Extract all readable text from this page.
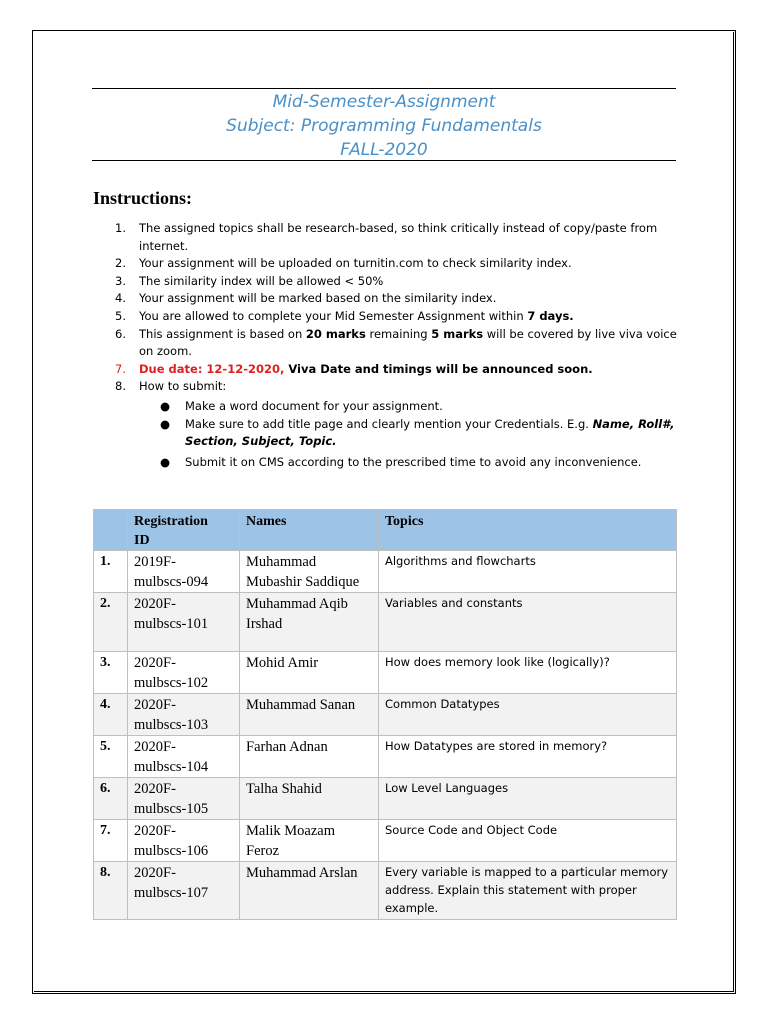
Mid-Semester-Assignment
Subject: Programming Fundamentals
FALL-2020
Instructions:
1. The assigned topics shall be research-based, so think critically instead of copy/paste from
internet.
2. Your assignment will be uploaded on turnitin.com to check similarity index.
3. The similarity index will be allowed < 50%
4. Your assignment will be marked based on the similarity index.
5. You are allowed to complete your Mid Semester Assignment within 7 days.
6. This assignment is based on 20 marks remaining 5 marks will be covered by live viva voice
on zoom.
7. Due date: 12-12-2020, Viva Date and timings will be announced soon.
8. How to submit:
● Make a word document for your assignment.
● Make sure to add title page and clearly mention your Credentials. E.g. Name, Roll#,
Section, Subject, Topic.
● Submit it on CMS according to the prescribed time to avoid any inconvenience.
	Registration
ID	Names	Topics
1.	2019F-
mulbscs-094	Muhammad
Mubashir Saddique	Algorithms and flowcharts
2.	2020F-
mulbscs-101	Muhammad Aqib
Irshad	Variables and constants
3.	2020F-
mulbscs-102	Mohid Amir	How does memory look like (logically)?
4.	2020F-
mulbscs-103	Muhammad Sanan	Common Datatypes
5.	2020F-
mulbscs-104	Farhan Adnan	How Datatypes are stored in memory?
6.	2020F-
mulbscs-105	Talha Shahid	Low Level Languages
7.	2020F-
mulbscs-106	Malik Moazam
Feroz	Source Code and Object Code
8.	2020F-
mulbscs-107	Muhammad Arslan	Every variable is mapped to a particular memory
address. Explain this statement with proper
example.
